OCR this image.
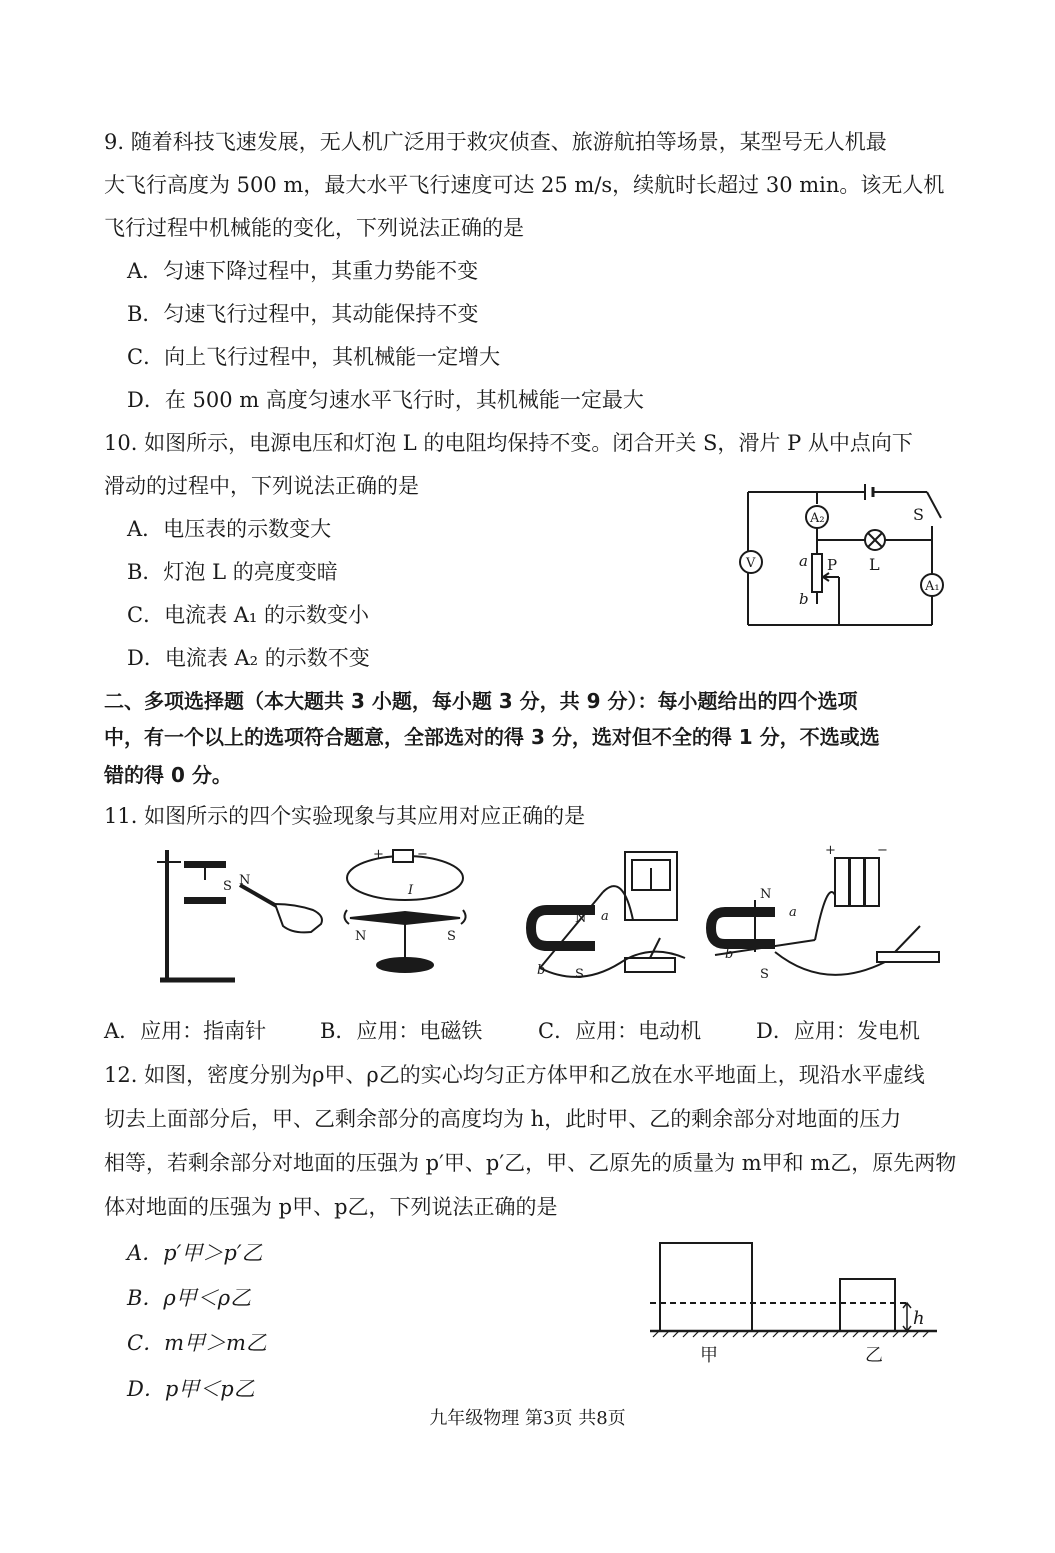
9. 随着科技飞速发展，无人机广泛用于救灾侦查、旅游航拍等场景，某型号无人机最
大飞行高度为 500 m，最大水平飞行速度可达 25 m/s，续航时长超过 30 min。该无人机
飞行过程中机械能的变化，下列说法正确的是
A．匀速下降过程中，其重力势能不变
B．匀速飞行过程中，其动能保持不变
C．向上飞行过程中，其机械能一定增大
D．在 500 m 高度匀速水平飞行时，其机械能一定最大
10. 如图所示，电源电压和灯泡 L 的电阻均保持不变。闭合开关 S，滑片 P 从中点向下
滑动的过程中，下列说法正确的是
A．电压表的示数变大
B．灯泡 L 的亮度变暗
C．电流表 A₁ 的示数变小
D．电流表 A₂ 的示数不变
A₂
V
A₁
S
L
P
a
b
二、多项选择题（本大题共 3 小题，每小题 3 分，共 9 分）：每小题给出的四个选项
中，有一个以上的选项符合题意，全部选对的得 3 分，选对但不全的得 1 分，不选或选
错的得 0 分。
11. 如图所示的四个实验现象与其应用对应正确的是
S N
+	−
I
N	S
N a
b S
N
a
b
S
+	−
A．应用：指南针	B．应用：电磁铁	C．应用：电动机	D．应用：发电机
12. 如图，密度分别为ρ甲、ρ乙的实心均匀正方体甲和乙放在水平地面上，现沿水平虚线
切去上面部分后，甲、乙剩余部分的高度均为 h，此时甲、乙的剩余部分对地面的压力
相等，若剩余部分对地面的压强为 p′甲、p′乙，甲、乙原先的质量为 m甲和 m乙，原先两物
体对地面的压强为 p甲、p乙，下列说法正确的是
A．p′甲＞p′乙
B．ρ甲＜ρ乙
C．m甲＞m乙
D．p甲＜p乙
甲	乙
h
九年级物理 第3页 共8页
